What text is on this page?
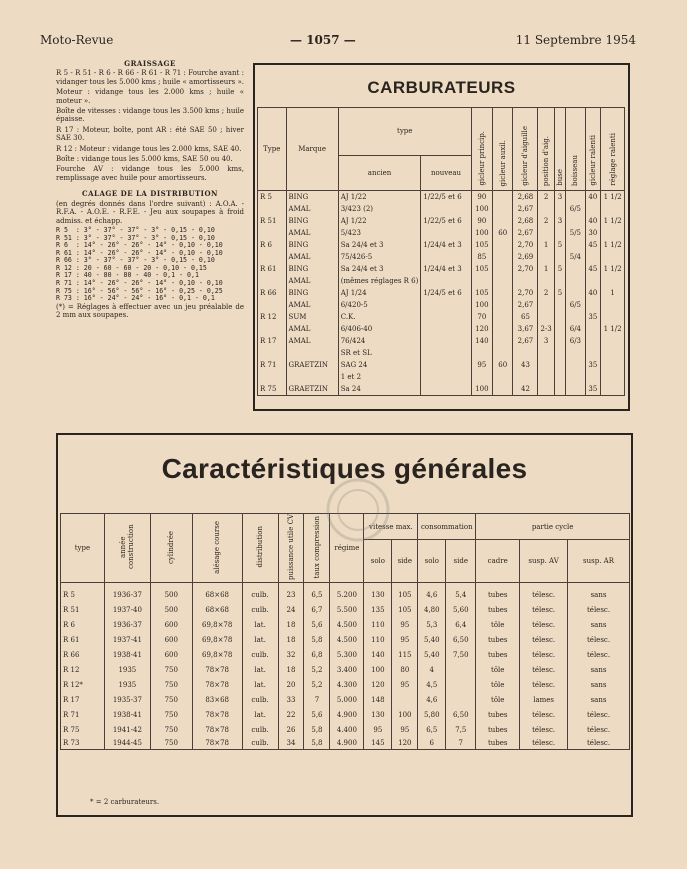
Moto-Revue	— 1057 —	11 Septembre 1954
GRAISSAGE

R 5 - R 51 - R 6 - R 66 - R 61 - R 71 : Fourche avant : vidanger tous les 5.000 kms ; huile « amortisseurs ».

Moteur : vidange tous les 2.000 kms ; huile « moteur ».

Boîte de vitesses : vidange tous les 3.500 kms ; huile épaisse.

R 17 : Moteur, boîte, pont AR : été SAE 50 ; hiver SAE 30.

R 12 : Moteur : vidange tous les 2.000 kms, SAE 40.

Boîte : vidange tous les 5.000 kms, SAE 50 ou 40.

Fourche AV : vidange tous les 5.000 kms, remplissage avec huile pour amortisseurs.

CALAGE DE LA DISTRIBUTION

(en degrés donnés dans l'ordre suivant) : A.O.A. - R.F.A. - A.O.E. - R.F.E. - Jeu aux soupapes à froid admiss. et échapp.

R 5  : 3° - 37° - 37° - 3° - 0,15 - 0,10
R 51 : 3° - 37° - 37° - 3° - 0,15 - 0,10
R 6  : 14° - 26° - 26° - 14° - 0,10 - 0,10
R 61 : 14° - 26° - 26° - 14° - 0,10 - 0,10
R 66 : 3° - 37° - 37° - 3° - 0,15 - 0,10
R 12 : 20 - 60 - 60 - 20 - 0,10 - 0,15
R 17 : 40 - 80 - 80 - 40 - 0,1 - 0,1
R 71 : 14° - 26° - 26° - 14° - 0,10 - 0,10
R 75 : 16° - 56° - 56° - 16° - 0,25 - 0,25
R 73 : 16° - 24° - 24° - 16° - 0,1 - 0,1

(*) = Réglages à effectuer avec un jeu préalable de 2 mm aux soupapes.

CARBURATEURS
Type	Marque	type		gicleur princip.	gicleur auxil.	gicleur d'aiguille	position d'aig.	buse	boisseau	gicleur ralenti	réglage ralenti
		ancien	nouveau								
R 5	BING	AJ 1/22	1/22/5 et 6	90		2,68	2	3		40	1 1/2
	AMAL	3/423 (2)		100		2,67			6/5		
R 51	BING	AJ 1/22	1/22/5 et 6	90		2,68	2	3		40	1 1/2
	AMAL	5/423		100	60	2,67			5/5	30	
R 6	BING	Sa 24/4 et 3	1/24/4 et 3	105		2,70	1	5		45	1 1/2
	AMAL	75/426-5		85		2,69			5/4		
R 61	BING	Sa 24/4 et 3	1/24/4 et 3	105		2,70	1	5		45	1 1/2
	AMAL	(mêmes réglages R 6)									
R 66	BING	AJ 1/24	1/24/5 et 6	105		2,70	2	5		40	1
	AMAL	6/420-5		100		2,67			6/5		
R 12	SUM	C.K.		70		65				35	
	AMAL	6/406-40		120		3,67	2-3		6/4		1 1/2
R 17	AMAL	76/424		140		2,67	3		6/3		
		SR et SL									
R 71	GRAETZIN	SAG 24		95	60	43				35	
		1 et 2									
R 75	GRAETZIN	Sa 24		100		42				35	
Caractéristiques générales
type	année construction	cylindrée	alésage course	distribution	puissance utile CV	taux compression	régime	vitesse max.		consommation		partie cycle		
								solo	side	solo	side	cadre	susp. AV	susp. AR
R 5	1936-37	500	68×68	culb.	23	6,5	5.200	130	105	4,6	5,4	tubes	télesc.	sans
R 51	1937-40	500	68×68	culb.	24	6,7	5.500	135	105	4,80	5,60	tubes	télesc.	télesc.
R 6	1936-37	600	69,8×78	lat.	18	5,6	4.500	110	95	5,3	6,4	tôle	télesc.	sans
R 61	1937-41	600	69,8×78	lat.	18	5,8	4.500	110	95	5,40	6,50	tubes	télesc.	télesc.
R 66	1938-41	600	69,8×78	culb.	32	6,8	5.300	140	115	5,40	7,50	tubes	télesc.	télesc.
R 12	1935	750	78×78	lat.	18	5,2	3.400	100	80	4		tôle	télesc.	sans
R 12*	1935	750	78×78	lat.	20	5,2	4.300	120	95	4,5		tôle	télesc.	sans
R 17	1935-37	750	83×68	culb.	33	7	5.000	148		4,6		tôle	lames	sans
R 71	1938-41	750	78×78	lat.	22	5,6	4.900	130	100	5,80	6,50	tubes	télesc.	télesc.
R 75	1941-42	750	78×78	culb.	26	5,8	4.400	95	95	6,5	7,5	tubes	télesc.	télesc.
R 73	1944-45	750	78×78	culb.	34	5,8	4.900	145	120	6	7	tubes	télesc.	télesc.
* = 2 carburateurs.
